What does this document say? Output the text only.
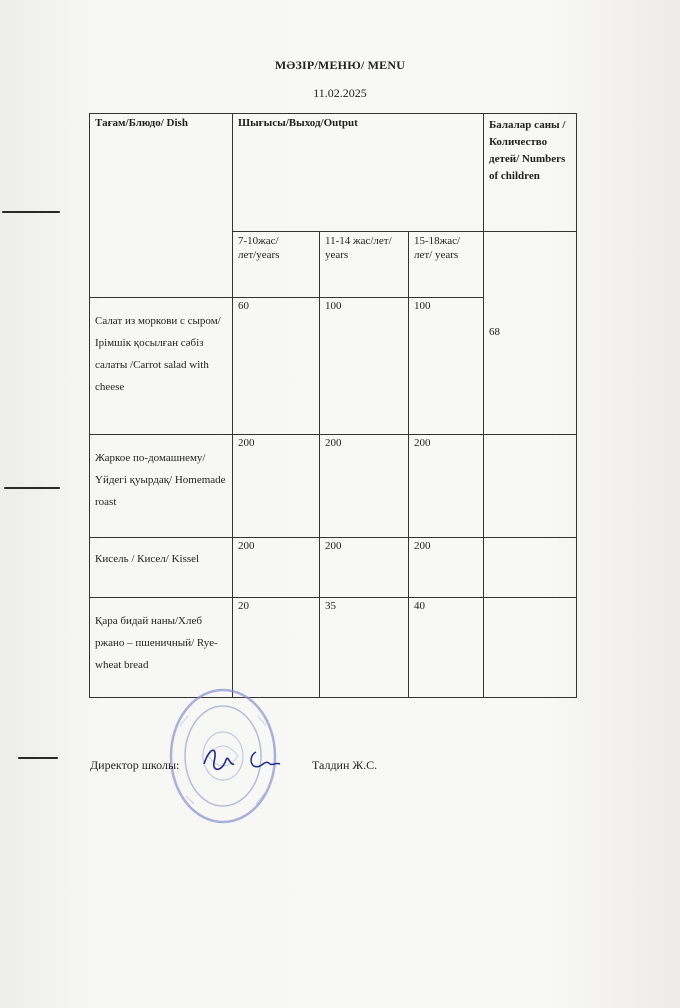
МӘЗІР/МЕНЮ/ MENU
11.02.2025
Тағам/Блюдо/ Dish	Шығысы/Выход/Output			Балалар саны /Количество детей/ Numbers of children
	7-10жас/лет/years	11-14 жас/лет/ years	15-18жас/лет/ years	68
Салат из моркови с сыром/ Ірімшік қосылған сәбіз салаты /Carrot salad with cheese	60	100	100	
Жаркое по-домашнему/ Үйдегі қуырдақ/ Homemade roast	200	200	200	
Кисель / Кисел/ Kissel	200	200	200	
Қара бидай наны/Хлеб ржано – пшеничный/ Rye-wheat bread	20	35	40	
Директор школы:	Талдин Ж.С.
